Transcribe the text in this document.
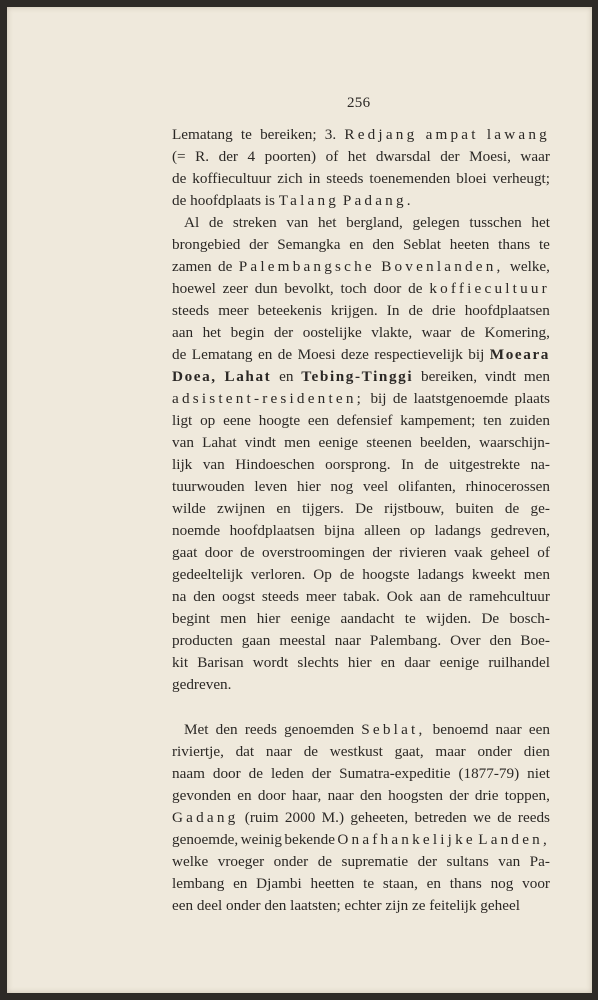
256
Lematang te bereiken; 3. Redjang ampat lawang
(= R. der 4 poorten) of het dwarsdal der Moesi, waar
de koffiecultuur zich in steeds toenemenden bloei verheugt;
de
hoofdplaats
is
Talang
Padang .
Al de streken van het bergland, gelegen tusschen het
brongebied der Semangka en den Seblat heeten thans te
zamen de Palembangsche Bovenlanden, welke,
hoewel zeer dun bevolkt, toch door de koffiecultuur
steeds meer beteekenis krijgen. In de drie hoofdplaatsen
aan het begin der oostelijke vlakte, waar de Komering,
de Lematang en de Moesi deze respectievelijk bij Moeara
Doea, Lahat en Tebing-Tinggi bereiken, vindt men
adsistent-residenten; bij de laatstgenoemde plaats
ligt op eene hoogte een defensief kampement; ten zuiden
van Lahat vindt men eenige steenen beelden, waarschijn-
lijk van Hindoeschen oorsprong. In de uitgestrekte na-
tuurwouden leven hier nog veel olifanten, rhinocerossen
wilde zwijnen en tijgers. De rijstbouw, buiten de ge-
noemde hoofdplaatsen bijna alleen op ladangs gedreven,
gaat door de overstroomingen der rivieren vaak geheel of
gedeeltelijk verloren. Op de hoogste ladangs kweekt men
na den oogst steeds meer tabak. Ook aan de ramehcultuur
begint men hier eenige aandacht te wijden. De bosch-
producten gaan meestal naar Palembang. Over den Boe-
kit Barisan wordt slechts hier en daar eenige ruilhandel
gedreven.
Met den reeds genoemden Seblat, benoemd naar een
riviertje, dat naar de westkust gaat, maar onder dien
naam door de leden der Sumatra-expeditie (1877-79) niet
gevonden en door haar, naar den hoogsten der drie toppen,
Gadang (ruim 2000 M.) geheeten, betreden we de reeds
genoemde, weinig bekende Onafhankelijke Landen,
welke vroeger onder de suprematie der sultans van Pa-
lembang en Djambi heetten te staan, en thans nog voor
een
deel
onder
den
laatsten;
echter
zijn
ze
feitelijk
geheel
